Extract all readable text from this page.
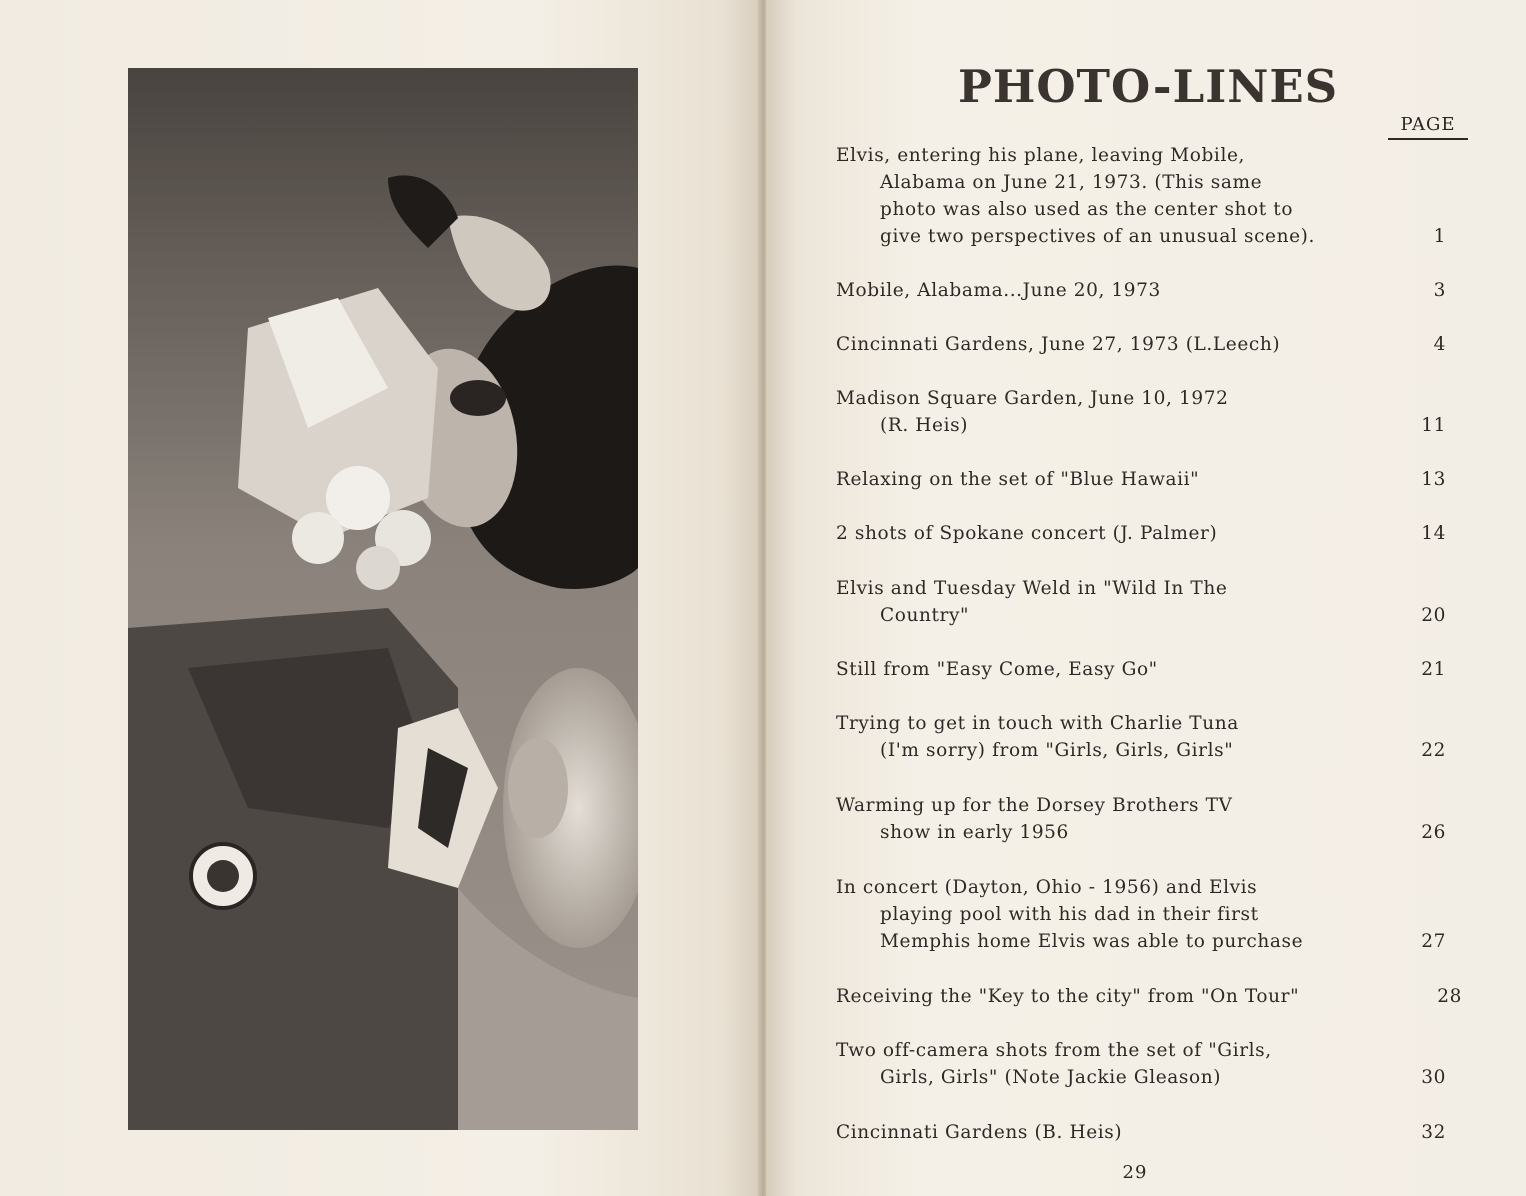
PHOTO-LINES
PAGE
Elvis, entering his plane, leaving Mobile,
Alabama on June 21, 1973. (This same
photo was also used as the center shot to
give two perspectives of an unusual scene).	1
Mobile, Alabama...June 20, 1973	3
Cincinnati Gardens, June 27, 1973 (L.Leech)	4
Madison Square Garden, June 10, 1972
(R. Heis)	11
Relaxing on the set of "Blue Hawaii"	13
2 shots of Spokane concert (J. Palmer)	14
Elvis and Tuesday Weld in "Wild In The
Country"	20
Still from "Easy Come, Easy Go"	21
Trying to get in touch with Charlie Tuna
(I'm sorry) from "Girls, Girls, Girls"	22
Warming up for the Dorsey Brothers TV
show in early 1956	26
In concert (Dayton, Ohio - 1956) and Elvis
playing pool with his dad in their first
Memphis home Elvis was able to purchase	27
Receiving the "Key to the city" from "On Tour"	28
Two off-camera shots from the set of "Girls,
Girls, Girls" (Note Jackie Gleason)	30
Cincinnati Gardens (B. Heis)	32
29
